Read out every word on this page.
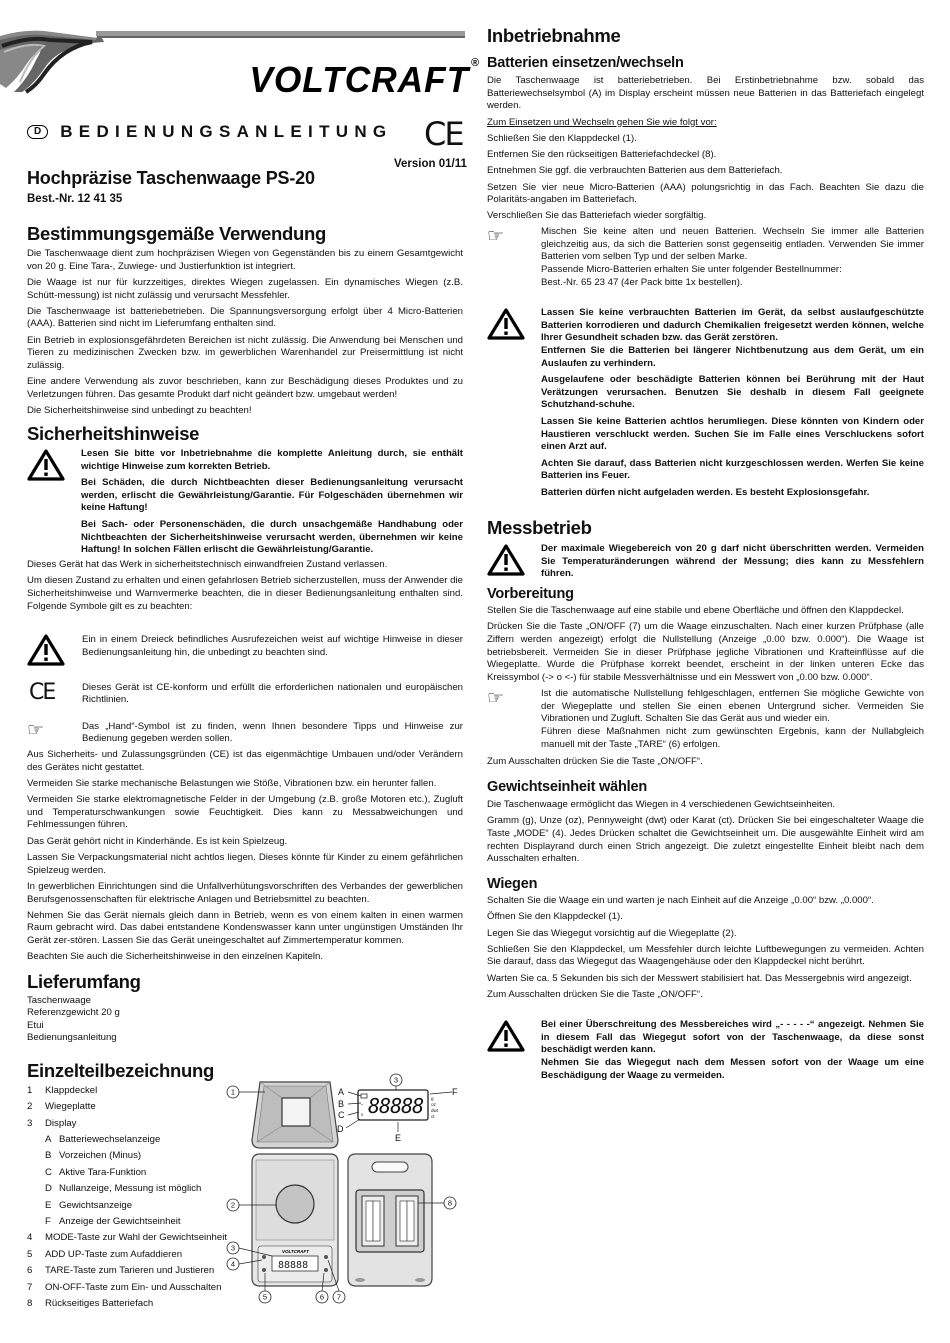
VOLTCRAFT ®
D	BEDIENUNGSANLEITUNG CE
Version 01/11
Hochpräzise Taschenwaage PS-20
Best.-Nr. 12 41 35
Bestimmungsgemäße Verwendung

Die Taschenwaage dient zum hochpräzisen Wiegen von Gegenständen bis zu einem Gesamtgewicht von 20 g. Eine Tara-, Zuwiege- und Justierfunktion ist integriert.

Die Waage ist nur für kurzzeitiges, direktes Wiegen zugelassen. Ein dynamisches Wiegen (z.B. Schütt-messung) ist nicht zulässig und verursacht Messfehler.

Die Taschenwaage ist batteriebetrieben. Die Spannungsversorgung erfolgt über 4 Micro-Batterien (AAA). Batterien sind nicht im Lieferumfang enthalten sind.

Ein Betrieb in explosionsgefährdeten Bereichen ist nicht zulässig. Die Anwendung bei Menschen und Tieren zu medizinischen Zwecken bzw. im gewerblichen Warenhandel zur Preisermittlung ist nicht zulässig.

Eine andere Verwendung als zuvor beschrieben, kann zur Beschädigung dieses Produktes und zu Verletzungen führen. Das gesamte Produkt darf nicht geändert bzw. umgebaut werden!

Die Sicherheitshinweise sind unbedingt zu beachten!

Sicherheitshinweise

Lesen Sie bitte vor Inbetriebnahme die komplette Anleitung durch, sie enthält wichtige Hinweise zum korrekten Betrieb.

Bei Schäden, die durch Nichtbeachten dieser Bedienungsanleitung verursacht werden, erlischt die Gewährleistung/Garantie. Für Folgeschäden übernehmen wir keine Haftung!

Bei Sach- oder Personenschäden, die durch unsachgemäße Handhabung oder Nichtbeachten der Sicherheitshinweise verursacht werden, übernehmen wir keine Haftung! In solchen Fällen erlischt die Gewährleistung/Garantie.

Dieses Gerät hat das Werk in sicherheitstechnisch einwandfreien Zustand verlassen.

Um diesen Zustand zu erhalten und einen gefahrlosen Betrieb sicherzustellen, muss der Anwender die Sicherheitshinweise und Warnvermerke beachten, die in dieser Bedienungsanleitung enthalten sind. Folgende Symbole gilt es zu beachten:

Ein in einem Dreieck befindliches Ausrufezeichen weist auf wichtige Hinweise in dieser Bedienungsanleitung hin, die unbedingt zu beachten sind.

CE	Dieses Gerät ist CE-konform und erfüllt die erforderlichen nationalen und europäischen Richtlinien.

☞	Das „Hand“-Symbol ist zu finden, wenn Ihnen besondere Tipps und Hinweise zur Bedienung gegeben werden sollen.

Aus Sicherheits- und Zulassungsgründen (CE) ist das eigenmächtige Umbauen und/oder Verändern des Gerätes nicht gestattet.

Vermeiden Sie starke mechanische Belastungen wie Stöße, Vibrationen bzw. ein herunter fallen.

Vermeiden Sie starke elektromagnetische Felder in der Umgebung (z.B. große Motoren etc.), Zugluft und Temperaturschwankungen sowie Feuchtigkeit. Dies kann zu Messabweichungen und Fehlmessungen führen.

Das Gerät gehört nicht in Kinderhände. Es ist kein Spielzeug.

Lassen Sie Verpackungsmaterial nicht achtlos liegen. Dieses könnte für Kinder zu einem gefährlichen Spielzeug werden.

In gewerblichen Einrichtungen sind die Unfallverhütungsvorschriften des Verbandes der gewerblichen Berufsgenossenschaften für elektrische Anlagen und Betriebsmittel zu beachten.

Nehmen Sie das Gerät niemals gleich dann in Betrieb, wenn es von einem kalten in einen warmen Raum gebracht wird. Das dabei entstandene Kondenswasser kann unter ungünstigen Umständen Ihr Gerät zer-stören. Lassen Sie das Gerät uneingeschaltet auf Zimmertemperatur kommen.

Beachten Sie auch die Sicherheitshinweise in den einzelnen Kapiteln.

Lieferumfang
Taschenwaage
Referenzgewicht 20 g
Etui
Bedienungsanleitung
Einzelteilbezeichnung
1	Klappdeckel
2	Wiegeplatte
3	Display
A Batteriewechselanzeige
B Vorzeichen (Minus)
C Aktive Tara-Funktion
D Nullanzeige, Messung ist möglich
E Gewichtsanzeige
F Anzeige der Gewichtseinheit
4	MODE-Taste zur Wahl der Gewichtseinheit
5	ADD UP-Taste zum Aufaddieren
6	TARE-Taste zum Tarieren und Justieren
7	ON-OFF-Taste zum Ein- und Ausschalten
8	Rückseitiges Batteriefach
VOLTCRAFT
88888
88888
-
0
g
oz
dwt
ct
A
B
C
D
E
F
1
2
3
4
5	6 7
8
3
Inbetriebnahme
Batterien einsetzen/wechseln

Die Taschenwaage ist batteriebetrieben. Bei Erstinbetriebnahme bzw. sobald das Batteriewechselsymbol (A) im Display erscheint müssen neue Batterien in das Batteriefach eingelegt werden.

Zum Einsetzen und Wechseln gehen Sie wie folgt vor:

Schließen Sie den Klappdeckel (1).

Entfernen Sie den rückseitigen Batteriefachdeckel (8).

Entnehmen Sie ggf. die verbrauchten Batterien aus dem Batteriefach.

Setzen Sie vier neue Micro-Batterien (AAA) polungsrichtig in das Fach. Beachten Sie dazu die Polaritäts-angaben im Batteriefach.

Verschließen Sie das Batteriefach wieder sorgfältig.

☞	Mischen Sie keine alten und neuen Batterien. Wechseln Sie immer alle Batterien gleichzeitig aus, da sich die Batterien sonst gegenseitig entladen. Verwenden Sie immer Batterien vom selben Typ und der selben Marke.

Passende Micro-Batterien erhalten Sie unter folgender Bestellnummer:
Best.-Nr. 65 23 47 (4er Pack bitte 1x bestellen).

Lassen Sie keine verbrauchten Batterien im Gerät, da selbst auslaufgeschützte Batterien korrodieren und dadurch Chemikalien freigesetzt werden können, welche Ihrer Gesundheit schaden bzw. das Gerät zerstören.

Entfernen Sie die Batterien bei längerer Nichtbenutzung aus dem Gerät, um ein Auslaufen zu verhindern.

Ausgelaufene oder beschädigte Batterien können bei Berührung mit der Haut Verätzungen verursachen. Benutzen Sie deshalb in diesem Fall geeignete Schutzhand-schuhe.

Lassen Sie keine Batterien achtlos herumliegen. Diese könnten von Kindern oder Haustieren verschluckt werden. Suchen Sie im Falle eines Verschluckens sofort einen Arzt auf.

Achten Sie darauf, dass Batterien nicht kurzgeschlossen werden. Werfen Sie keine Batterien ins Feuer.

Batterien dürfen nicht aufgeladen werden. Es besteht Explosionsgefahr.

Messbetrieb

Der maximale Wiegebereich von 20 g darf nicht überschritten werden. Vermeiden Sie Temperaturänderungen während der Messung; dies kann zu Messfehlern führen.

Vorbereitung

Stellen Sie die Taschenwaage auf eine stabile und ebene Oberfläche und öffnen den Klappdeckel.

Drücken Sie die Taste „ON/OFF (7) um die Waage einzuschalten. Nach einer kurzen Prüfphase (alle Ziffern werden angezeigt) erfolgt die Nullstellung (Anzeige „0.00 bzw. 0.000“). Die Waage ist betriebsbereit. Vermeiden Sie in dieser Prüfphase jegliche Vibrationen und Krafteinflüsse auf die Wiegeplatte. Wurde die Prüfphase korrekt beendet, erscheint in der linken unteren Ecke das Kreissymbol (-> o <-) für stabile Messverhältnisse und ein Messwert von „0.00 bzw. 0.000“.

☞	Ist die automatische Nullstellung fehlgeschlagen, entfernen Sie mögliche Gewichte von der Wiegeplatte und stellen Sie einen ebenen Untergrund sicher. Vermeiden Sie Vibrationen und Zugluft. Schalten Sie das Gerät aus und wieder ein.

Führen diese Maßnahmen nicht zum gewünschten Ergebnis, kann der Nullabgleich manuell mit der Taste „TARE“ (6) erfolgen.

Zum Ausschalten drücken Sie die Taste „ON/OFF“.

Gewichtseinheit wählen

Die Taschenwaage ermöglicht das Wiegen in 4 verschiedenen Gewichtseinheiten.

Gramm (g), Unze (oz), Pennyweight (dwt) oder Karat (ct). Drücken Sie bei eingeschalteter Waage die Taste „MODE“ (4). Jedes Drücken schaltet die Gewichtseinheit um. Die ausgewählte Einheit wird am rechten Displayrand durch einen Strich angezeigt. Die zuletzt eingestellte Einheit bleibt nach dem Ausschalten erhalten.

Wiegen

Schalten Sie die Waage ein und warten je nach Einheit auf die Anzeige „0.00“ bzw. „0.000“.

Öffnen Sie den Klappdeckel (1).

Legen Sie das Wiegegut vorsichtig auf die Wiegeplatte (2).

Schließen Sie den Klappdeckel, um Messfehler durch leichte Luftbewegungen zu vermeiden. Achten Sie darauf, dass das Wiegegut das Waagengehäuse oder den Klappdeckel nicht berührt.

Warten Sie ca. 5 Sekunden bis sich der Messwert stabilisiert hat. Das Messergebnis wird angezeigt.

Zum Ausschalten drücken Sie die Taste „ON/OFF“.

Bei einer Überschreitung des Messbereiches wird „- - - - -“ angezeigt. Nehmen Sie in diesem Fall das Wiegegut sofort von der Taschenwaage, da diese sonst beschädigt werden kann.

Nehmen Sie das Wiegegut nach dem Messen sofort von der Waage um eine Beschädigung der Waage zu vermeiden.
